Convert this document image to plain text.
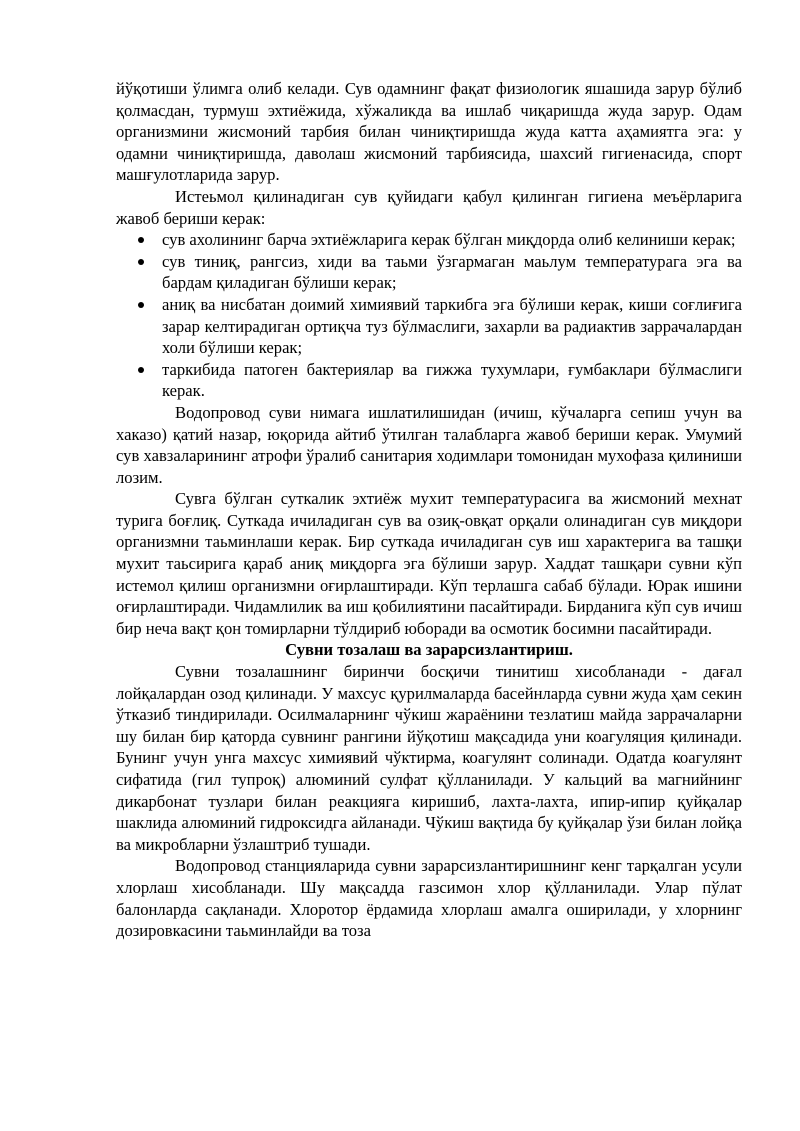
йўқотиши ўлимга олиб келади. Сув одамнинг фақат физиологик яшашида зарур бўлиб қолмасдан, турмуш эхтиёжида, хўжаликда ва ишлаб чиқаришда жуда зарур. Одам организмини жисмоний тарбия билан чиниқтиришда жуда катта аҳамиятга эга: у одамни чиниқтиришда, даволаш жисмоний тарбиясида, шахсий гигиенасида, спорт машғулотларида зарур.

Истеьмол қилинадиган сув қуйидаги қабул қилинган гигиена меъёрларига жавоб бериши керак:

сув ахолининг барча эхтиёжларига керак бўлган миқдорда олиб келиниши керак;
сув тиниқ, рангсиз, хиди ва таьми ўзгармаган маьлум температурага эга ва бардам қиладиган бўлиши керак;
аниқ ва нисбатан доимий химиявий таркибга эга бўлиши керак, киши соғлиғига зарар келтирадиган ортиқча туз бўлмаслиги, захарли ва радиактив заррачалардан холи бўлиши керак;
таркибида патоген бактериялар ва гижжа тухумлари, ғумбаклари бўлмаслиги керак.

Водопровод суви нимага ишлатилишидан (ичиш, кўчаларга сепиш учун ва хаказо) қатий назар, юқорида айтиб ўтилган талабларга жавоб бериши керак. Умумий сув хавзаларининг атрофи ўралиб санитария ходимлари томонидан мухофаза қилиниши лозим.

Сувга бўлган суткалик эхтиёж мухит температурасига ва жисмоний мехнат турига боғлиқ. Суткада ичиладиган сув ва озиқ-овқат орқали олинадиган сув миқдори организмни таьминлаши керак. Бир суткада ичиладиган сув иш характерига ва ташқи мухит таьсирига қараб аниқ миқдорга эга бўлиши зарур. Хаддат ташқари сувни кўп истемол қилиш организмни оғирлаштиради. Кўп терлашга сабаб бўлади. Юрак ишини оғирлаштиради. Чидамлилик ва иш қобилиятини пасайтиради. Бирданига кўп сув ичиш бир неча вақт қон томирларни тўлдириб юборади ва осмотик босимни пасайтиради.

Сувни тозалаш ва зарарсизлантириш.

Сувни тозалашнинг биринчи босқичи тинитиш хисобланади - дағал лойқалардан озод қилинади. У махсус қурилмаларда басейнларда сувни жуда ҳам секин ўтказиб тиндирилади. Осилмаларнинг чўкиш жараёнини тезлатиш майда заррачаларни шу билан бир қаторда сувнинг рангини йўқотиш мақсадида уни коагуляция қилинади. Бунинг учун унга махсус химиявий чўктирма, коагулянт солинади. Одатда коагулянт сифатида (гил тупроқ) алюминий сулфат қўлланилади. У кальций ва магнийнинг дикарбонат тузлари билан реакцияга киришиб, лахта-лахта, ипир-ипир қуйқалар шаклида алюминий гидроксидга айланади. Чўкиш вақтида бу қуйқалар ўзи билан лойқа ва микробларни ўзлаштриб тушади.

Водопровод станцияларида сувни зарарсизлантиришнинг кенг тарқалган усули хлорлаш хисобланади. Шу мақсадда газсимон хлор қўлланилади. Улар пўлат балонларда сақланади. Хлоротор ёрдамида хлорлаш амалга оширилади, у хлорнинг дозировкасини таьминлайди ва тоза
